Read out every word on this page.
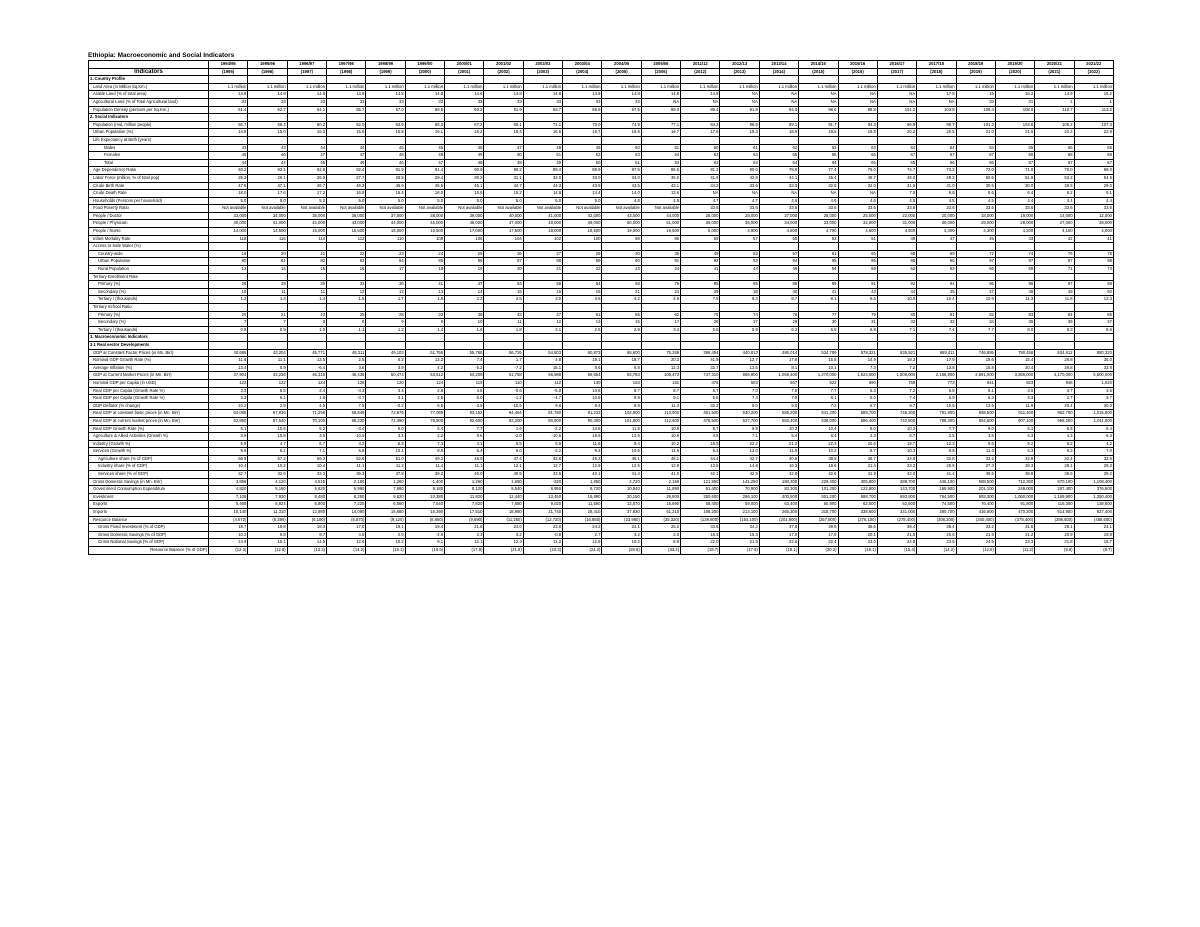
Ethiopia: Macroeconomic and Social Indicators
	1994/95	1995/96	1996/97	1997/98	1998/99	1999/00	2000/01	2001/02	2002/03	2003/04	2004/05	2005/06	2011/12	2012/13	2013/14	2014/15	2015/16	2016/17	2017/18	2018/19	2019/20	2020/21	2021/22
Indicators	(1995)	(1996)	(1997)	(1998)	(1999)	(2000)	(2001)	(2002)	(2003)	(2004)	(2005)	(2006)	(2012)	(2013)	(2014)	(2015)	(2016)	(2017)	(2018)	(2019)	(2020)	(2021)	(2022)
1. Country Profile																							
Land Area (in Million Sq.Km.)	1.1 million	1.1 million	1.1 million	1.1 million	1.1 million	1.1 million	1.1 million	1.1 million	1.1 million	1.1 million	1.1 million	1.1 million	1.1 million	1.1 million	1.1 million	1.1 million	1.1 million	1.1 million	1.1 million	1.1 million	1.1 million	1.1 million	1.1 million
Arable Land (% of total area)	14.8	14.8	14.8	14.8	14.8	14.8	14.8	14.8	14.8	14.8	14.8	14.8	14.8	NA	NA	NA	NA	NA	17.8	15	16.2	14.9	15.2
Agricultural Land (% of Total Agricultural land)	33	33	33	33	33	33	33	33	33	33	33	NA	NA	NA	NA	NA	NA	NA	NA	33	31	1	1
Population Density (persons per Sq.Km.)	51.4	52.7	54.1	55.7	57.0	58.6	60.2	61.9	63.7	65.5	67.6	69.0	89.4	91.8	94.0	96.6	98.8	101.2	103.8	106.4	108.0	110.7	113.2
2. Social Indicators																							
Population (mid, million people)	56.7	58.4	60.2	62.0	63.5	65.3	67.2	69.1	71.1	73.0	74.9	77.1	84.3	86.6	89.1	91.7	94.3	96.9	98.7	101.3	103.6	105.2	107.3
Urban Population (%)	14.8	15.0	15.3	15.6	15.8	16.1	16.2	16.4	16.6	16.7	16.8	16.7	17.6	18.3	18.9	19.5	19.8	20.2	20.5	21.0	21.6	22.2	22.8
Life Expectancy at Birth (years)																							
Males	43	43	44	44	45	46	46	47	48	49	50	51	60	61	62	63	63	64	64	64	65	65	65
Females	46	46	47	47	48	49	49	50	51	52	53	54	63	64	65	66	66	67	67	67	68	68	68
Total	44	44	45	46	46	47	48	48	49	50	51	53	62	63	64	64	65	65	66	66	67	67	67
Age Dependency Ratio	93.2	93.1	92.8	92.4	91.9	91.4	90.9	90.2	89.4	88.5	87.5	86.5	81.3	80.0	78.8	77.4	76.0	74.7	73.3	72.0	71.0	70.0	69.0
Labor Force (million, % of total pop)	25.3	26.1	26.9	27.7	28.5	29.4	30.2	31.1	32.0	33.0	34.0	35.0	41.6	42.8	44.1	45.4	46.7	48.0	49.3	50.6	51.9	53.2	54.5
Crude Birth Rate	47.5	47.1	46.7	46.3	45.9	45.5	45.1	44.7	44.3	43.9	43.5	43.1	34.2	33.6	33.0	32.5	32.0	31.5	31.0	30.5	30.0	29.5	29.0
Crude Death Rate	18.0	17.6	17.2	16.8	16.4	16.0	15.6	15.2	14.8	14.4	14.0	13.6	NA	NA	NA	NA	NA	7.0	6.8	6.6	6.4	6.2	6.1
Households (Persons per household)	5.0	5.0	5.0	5.0	5.0	5.0	5.0	5.0	5.0	5.0	4.8	4.8	4.7	4.7	4.6	4.6	4.6	4.5	4.5	4.5	4.4	4.4	4.4
Food Poverty Ratio	Not available	Not available	Not available	Not available	Not available	Not available	Not available	Not available	Not available	Not available	Not available	Not available	33.6	33.6	33.6	33.6	33.6	33.6	33.6	33.6	33.6	33.6	33.6
People / Doctor	33,000	34,000	35,000	36,000	37,000	38,000	39,000	40,000	41,000	42,000	43,000	44,000	28,000	28,000	27,000	26,000	25,000	22,000	20,000	18,000	16,000	14,000	12,000
People / Physician	40,000	41,000	42,000	43,000	44,000	45,000	46,000	47,000	48,000	49,000	50,000	51,000	36,000	35,000	34,000	33,000	32,000	31,000	30,000	29,000	28,000	27,000	26,000
People / Nurse	14,000	14,500	15,000	15,500	16,000	16,500	17,000	17,500	18,000	18,500	19,000	19,500	5,000	4,900	4,800	4,700	4,600	4,500	4,400	4,300	4,200	4,100	4,000
Infant Mortality Rate	118	116	114	112	110	108	106	104	102	100	98	96	59	57	55	53	51	49	47	45	43	42	41
Access to Safe Water (%)																							
Country-wide	19	20	21	22	23	24	25	26	27	28	30	35	49	52	57	61	65	68	69	72	74	76	78
Urban Population	80	81	82	83	84	85	86	87	88	89	90	91	92	93	94	95	95	96	96	97	97	97	98
Rural Population	13	14	15	16	17	18	19	20	21	22	23	24	41	44	49	54	59	62	63	66	69	71	73
Tertiary Enrollment Rate																							
Primary (%)	26	28	30	33	36	41	47	53	58	64	68	79	85	86	88	89	91	92	94	95	96	97	98
Secondary (%)	10	11	11	12	12	13	14	15	16	18	21	24	39	38	40	41	43	44	45	47	48	49	50
Tertiary / (thousands)	1.2	1.3	1.4	1.5	1.7	1.9	2.2	2.5	3.0	3.6	4.2	4.9	7.9	8.3	8.7	9.1	9.5	10.0	10.4	10.9	11.3	11.8	12.3
Tertiary School Ratio																							
Primary (%)	20	21	23	25	28	33	38	43	47	51	55	62	75	74	76	77	79	80	81	82	83	84	85
Secondary (%)	7	7	8	8	9	9	10	11	12	13	15	17	28	27	29	30	31	32	33	34	35	36	37
Tertiary / (thousands)	0.8	0.9	1.0	1.1	1.2	1.4	1.6	1.8	2.1	2.5	2.9	3.4	5.6	5.9	6.2	6.5	6.8	7.1	7.4	7.7	8.0	8.3	8.6
3. Macroeconomic Indicators																							
3.1 Real sector Developments																							
GDP at Constant Factor Prices (in Mn. Birr)	40,686	43,204	45,771	46,311	49,103	51,756	55,768	56,726	54,803	60,873	68,600	75,268	398,454	440,813	486,014	534,789	578,321	635,921	689,411	746,895	790,458	834,612	880,320
Nominal GDP Growth Rate (%)	11.6	11.1	13.5	2.5	6.2	13.2	7.4	1.7	4.8	19.1	18.7	20.3	41.9	12.7	17.8	15.8	14.9	18.3	17.9	19.6	15.4	26.8	35.0
Average Inflation (%)	13.4	0.9	-6.4	3.6	3.9	4.2	-5.2	-7.2	15.1	8.6	6.8	12.3	33.7	13.5	8.1	10.1	7.3	7.2	13.8	15.8	20.4	26.8	33.8
GDP at Current Market Prices (in Mn. Birr)	37,904	42,236	46,318	48,436	50,474	53,612	54,209	51,758	56,988	69,654	83,783	106,473	747,310	866,900	1,059,400	1,270,000	1,523,600	1,806,000	2,158,900	2,691,000	3,365,000	4,170,000	5,600,000
Nominal GDP per Capita (in USD)	122	122	124	126	120	124	119	110	112	130	153	181	476	503	567	622	690	768	773	841	923	946	1,020
Real GDP per Capita (Growth Rate %)	3.3	8.5	2.4	-4.3	3.4	2.8	4.8	-0.6	-5.0	10.6	9.7	8.7	5.7	7.0	7.5	7.7	5.3	7.2	5.8	6.1	3.5	3.7	3.6
Real GDP per Capita (Growth Rate %)	3.3	6.1	1.8	-3.7	3.1	2.6	5.0	-1.2	-4.7	10.8	9.9	9.1	5.5	7.4	7.9	8.1	5.0	7.4	5.9	6.3	3.3	2.7	3.7
GDP Deflator (% change)	10.2	2.9	4.5	7.5	-0.2	6.6	-3.9	-10.5	9.6	9.4	8.8	11.3	32.2	6.0	9.0	7.2	6.7	9.7	10.6	13.5	11.9	20.4	30.0
Real GDP at constant basic prices (in Mn. Birr)	64,085	67,836	71,296	68,849	72,975	77,099	83,152	84,464	81,780	91,232	102,900	113,900	481,500	530,200	585,200	641,200	689,700	746,300	791,800	858,500	911,400	962,700	1,015,800
Real GDP at current market prices (in Mn. Birr)	62,850	67,540	70,100	68,230	72,480	76,500	82,600	83,200	80,900	90,300	101,800	112,600	478,500	527,700	582,400	638,000	686,400	742,800	788,300	854,600	907,100	958,200	1,011,000
Real GDP Growth Rate (%)	6.1	10.6	5.2	-3.4	6.0	5.4	7.7	1.6	-2.2	13.6	11.8	10.9	8.7	9.9	10.3	10.4	8.0	10.2	7.7	9.0	6.1	5.6	6.4
Agriculture & Allied Activities (Growth %)	3.9	15.8	3.5	-10.5	3.1	2.2	9.6	-2.0	-10.5	16.9	13.5	10.9	4.9	7.1	5.4	6.4	2.3	6.7	3.5	3.8	4.3	4.3	6.3
Industry (Growth %)	5.9	4.7	6.7	4.2	6.8	7.3	4.1	6.5	6.8	11.6	9.4	10.2	18.5	22.2	21.2	22.3	20.6	18.7	12.3	9.6	9.2	5.2	4.2
Services (Growth %)	9.6	6.1	7.1	5.8	10.1	8.9	5.4	6.0	5.2	9.4	10.6	11.5	9.3	13.0	11.9	10.2	8.7	10.3	8.8	11.3	5.3	6.3	7.0
Agriculture share (% of GDP)	56.9	57.2	56.3	52.6	51.0	49.3	48.9	47.4	43.8	45.3	46.1	46.1	44.4	42.7	40.9	38.8	36.7	34.8	32.8	33.2	32.9	32.4	32.5
Industry share (% of GDP)	10.4	10.2	10.4	11.1	11.2	11.4	11.1	12.1	12.7	12.6	12.5	12.9	13.5	14.8	16.3	18.6	21.4	23.2	25.8	27.3	28.3	28.1	28.3
Services share (% of GDP)	32.7	32.6	33.3	36.3	37.8	39.3	40.0	40.5	43.5	42.1	41.4	41.0	42.1	42.5	42.8	42.6	41.9	42.0	41.4	39.5	38.8	39.5	39.2
Gross Domestic Savings (in Mn. Birr)	3,856	4,120	4,515	2,180	1,260	-1,400	1,260	1,680	-320	1,850	2,720	2,150	121,950	141,250	180,300	226,400	305,800	388,700	445,100	588,500	712,300	870,100	1,108,400
Government Consumption Expenditure	4,820	5,160	5,620	5,990	7,680	9,180	8,120	8,540	8,950	9,720	10,840	11,890	61,400	70,900	83,300	101,200	122,500	143,700	165,900	201,100	248,000	297,400	376,500
Investment	7,105	7,930	8,480	8,250	9,620	10,380	11,820	12,440	13,450	16,890	20,150	26,800	250,600	296,100	400,500	501,200	588,700	693,800	764,500	892,300	1,060,000	1,169,900	1,350,400
Exports	5,468	5,924	6,800	7,220	6,560	7,540	7,820	7,680	9,020	11,560	13,870	15,890	58,400	59,000	63,400	60,900	62,500	62,600	74,500	76,400	91,800	116,300	138,800
Imports	10,140	11,310	12,980	14,090	15,680	16,390	17,510	18,960	21,740	28,410	37,830	51,210	198,200	213,100	265,300	318,700	338,600	341,000	380,700	416,800	470,200	514,900	627,400
Resource Balance	(4,672)	(5,386)	(6,180)	(6,870)	(9,120)	(8,850)	(9,690)	(11,280)	(12,720)	(16,850)	(23,960)	(35,320)	(139,800)	(154,100)	(201,900)	(257,800)	(276,100)	(278,400)	(306,200)	(340,400)	(378,400)	(398,600)	(488,600)
Gross Fixed Investment (% of GDP)	18.7	18.8	18.3	17.0	19.1	19.4	21.8	24.0	23.6	24.2	24.1	25.2	33.5	34.2	37.8	39.5	38.6	38.4	35.4	33.2	31.5	28.1	24.1
Gross Domestic Savings (% of GDP)	10.2	9.8	9.7	4.5	2.5	-2.6	2.3	3.2	-0.6	2.7	3.2	2.0	16.3	16.3	17.0	17.8	20.1	21.5	20.6	21.9	21.2	20.9	19.8
Gross National Savings (% of GDP)	14.9	15.1	14.5	12.6	10.2	9.1	12.1	12.3	11.2	12.8	10.2	8.9	22.0	21.5	22.6	22.4	23.0	24.8	23.6	24.5	23.3	21.8	18.7
Resource Balance (% of GDP)	(12.3)	(12.8)	(13.3)	(14.2)	(18.1)	(16.5)	(17.9)	(21.8)	(22.3)	(24.2)	(28.6)	(33.2)	(18.7)	(17.8)	(19.1)	(20.3)	(18.1)	(15.4)	(14.2)	(12.6)	(11.2)	(9.6)	(8.7)
